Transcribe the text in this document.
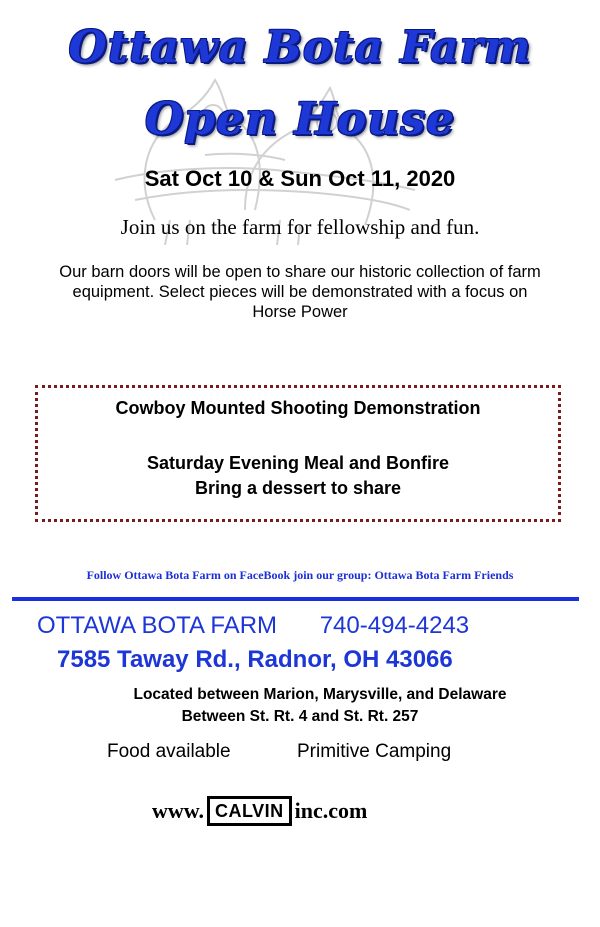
Ottawa Bota Farm
Open House
Sat Oct 10 & Sun Oct 11, 2020
Join us on the farm for fellowship and fun.
Our barn doors will be open to share our historic collection of farm equipment. Select pieces will be demonstrated with a focus on Horse Power
Cowboy Mounted Shooting Demonstration
Saturday Evening Meal and Bonfire
Bring a dessert to share
Follow Ottawa Bota Farm on FaceBook join our group: Ottawa Bota Farm Friends
OTTAWA BOTA FARM 740-494-4243
7585 Taway Rd., Radnor, OH 43066
Located between Marion, Marysville, and Delaware
Between St. Rt. 4 and St. Rt. 257
Food available	Primitive Camping
www. CALVIN inc.com
